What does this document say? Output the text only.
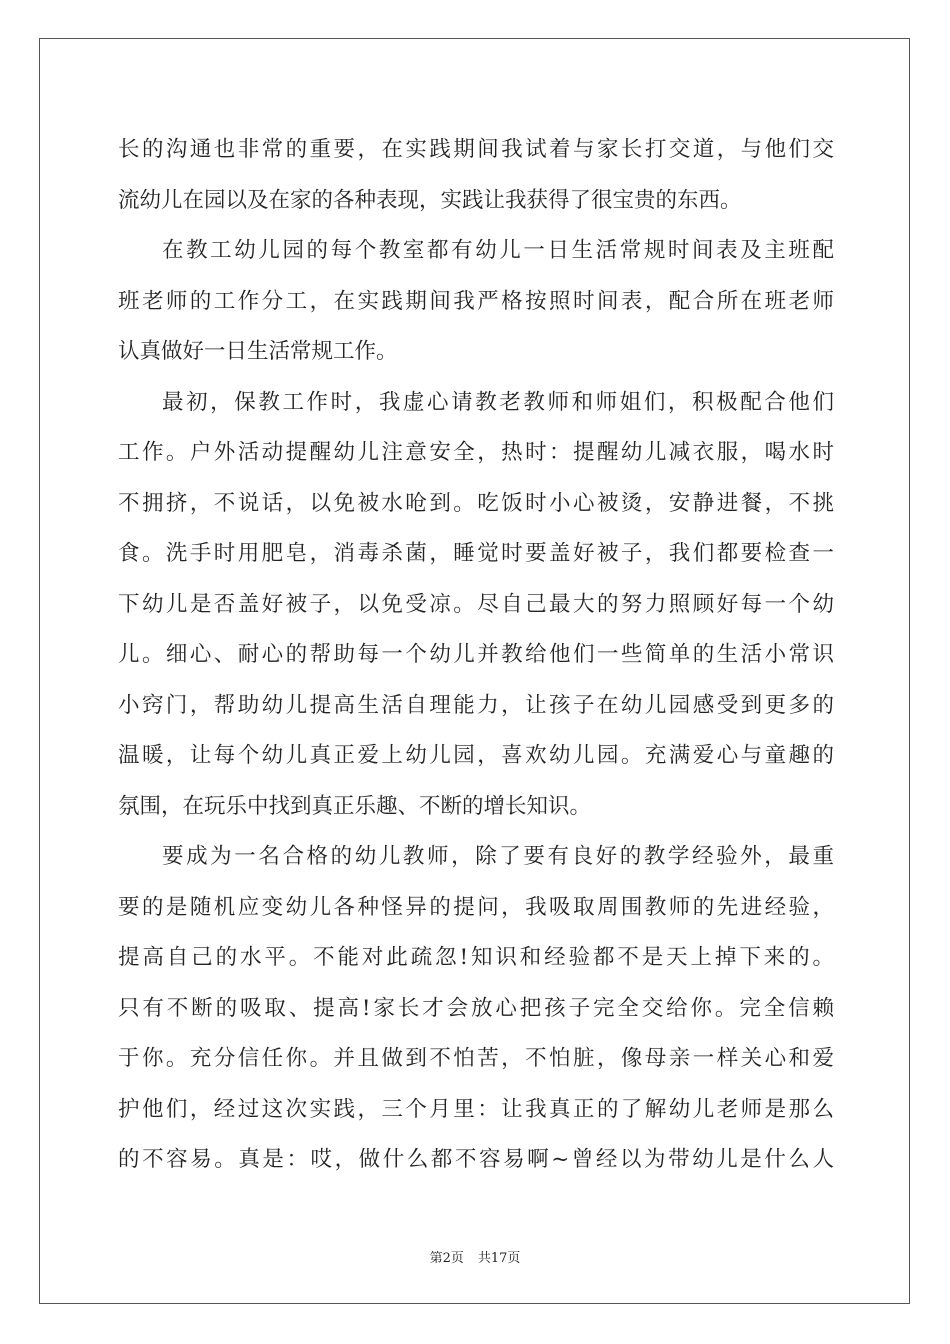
长的沟通也非常的重要，在实践期间我试着与家长打交道，与他们交
流幼儿在园以及在家的各种表现，实践让我获得了很宝贵的东西。
在教工幼儿园的每个教室都有幼儿一日生活常规时间表及主班配
班老师的工作分工，在实践期间我严格按照时间表，配合所在班老师
认真做好一日生活常规工作。
最初，保教工作时，我虚心请教老教师和师姐们，积极配合他们
工作。户外活动提醒幼儿注意安全，热时：提醒幼儿减衣服，喝水时
不拥挤，不说话，以免被水呛到。吃饭时小心被烫，安静进餐，不挑
食。洗手时用肥皂，消毒杀菌，睡觉时要盖好被子，我们都要检查一
下幼儿是否盖好被子，以免受凉。尽自己最大的努力照顾好每一个幼
儿。细心、耐心的帮助每一个幼儿并教给他们一些简单的生活小常识
小窍门，帮助幼儿提高生活自理能力，让孩子在幼儿园感受到更多的
温暖，让每个幼儿真正爱上幼儿园，喜欢幼儿园。充满爱心与童趣的
氛围，在玩乐中找到真正乐趣、不断的增长知识。
要成为一名合格的幼儿教师，除了要有良好的教学经验外，最重
要的是随机应变幼儿各种怪异的提问，我吸取周围教师的先进经验，
提高自己的水平。不能对此疏忽!知识和经验都不是天上掉下来的。
只有不断的吸取、提高!家长才会放心把孩子完全交给你。完全信赖
于你。充分信任你。并且做到不怕苦，不怕脏，像母亲一样关心和爱
护他们，经过这次实践，三个月里：让我真正的了解幼儿老师是那么
的不容易。真是：哎，做什么都不容易啊~曾经以为带幼儿是什么人
第2页 共17页
